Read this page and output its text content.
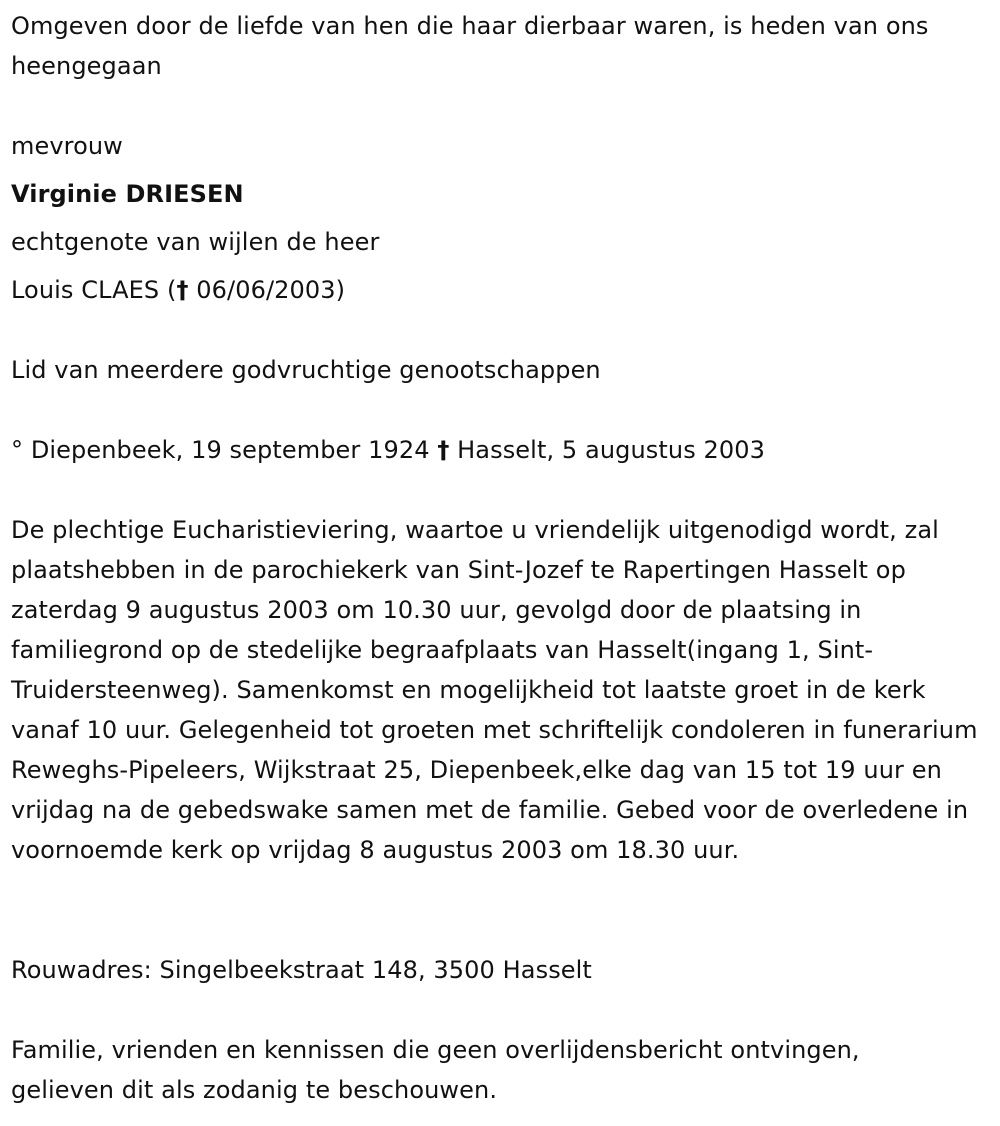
Omgeven door de liefde van hen die haar dierbaar waren, is heden van ons heengegaan
mevrouw
Virginie DRIESEN
echtgenote van wijlen de heer
Louis CLAES († 06/06/2003)
Lid van meerdere godvruchtige genootschappen
° Diepenbeek, 19 september 1924 † Hasselt, 5 augustus 2003
De plechtige Eucharistieviering, waartoe u vriendelijk uitgenodigd wordt, zal plaatshebben in de parochiekerk van Sint-Jozef te Rapertingen Hasselt op zaterdag 9 augustus 2003 om 10.30 uur, gevolgd door de plaatsing in familiegrond op de stedelijke begraafplaats van Hasselt(ingang 1, Sint-Truidersteenweg). Samenkomst en mogelijkheid tot laatste groet in de kerk vanaf 10 uur. Gelegenheid tot groeten met schriftelijk condoleren in funerarium Reweghs-Pipeleers, Wijkstraat 25, Diepenbeek,elke dag van 15 tot 19 uur en vrijdag na de gebedswake samen met de familie. Gebed voor de overledene in voornoemde kerk op vrijdag 8 augustus 2003 om 18.30 uur.
Rouwadres: Singelbeekstraat 148, 3500 Hasselt
Familie, vrienden en kennissen die geen overlijdensbericht ontvingen, gelieven dit als zodanig te beschouwen.
